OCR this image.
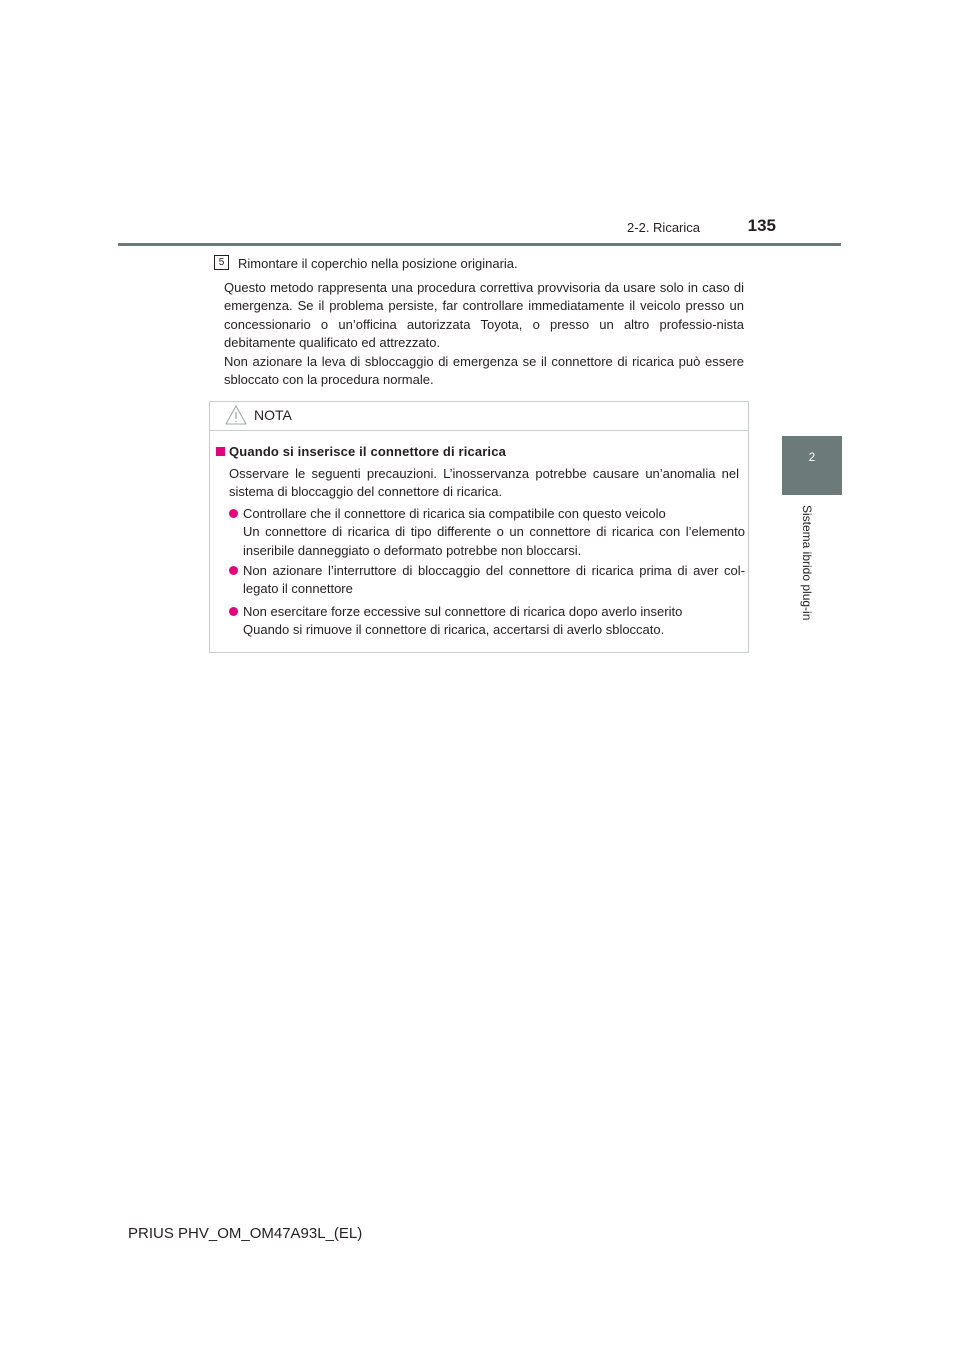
2-2. Ricarica	135
2
Sistema ibrido plug-in
5	Rimontare il coperchio nella posizione originaria.
Questo metodo rappresenta una procedura correttiva provvisoria da usare solo in caso di emergenza. Se il problema persiste, far controllare immediatamente il veicolo presso un concessionario o un’officina autorizzata Toyota, o presso un altro professio-nista debitamente qualificato ed attrezzato.
Non azionare la leva di sbloccaggio di emergenza se il connettore di ricarica può essere sbloccato con la procedura normale.
NOTA
Quando si inserisce il connettore di ricarica
Osservare le seguenti precauzioni. L’inosservanza potrebbe causare un’anomalia nel sistema di bloccaggio del connettore di ricarica.
Controllare che il connettore di ricarica sia compatibile con questo veicolo
Un connettore di ricarica di tipo differente o un connettore di ricarica con l’elemento inseribile danneggiato o deformato potrebbe non bloccarsi.
Non azionare l’interruttore di bloccaggio del connettore di ricarica prima di aver col-legato il connettore
Non esercitare forze eccessive sul connettore di ricarica dopo averlo inserito
Quando si rimuove il connettore di ricarica, accertarsi di averlo sbloccato.
PRIUS PHV_OM_OM47A93L_(EL)
